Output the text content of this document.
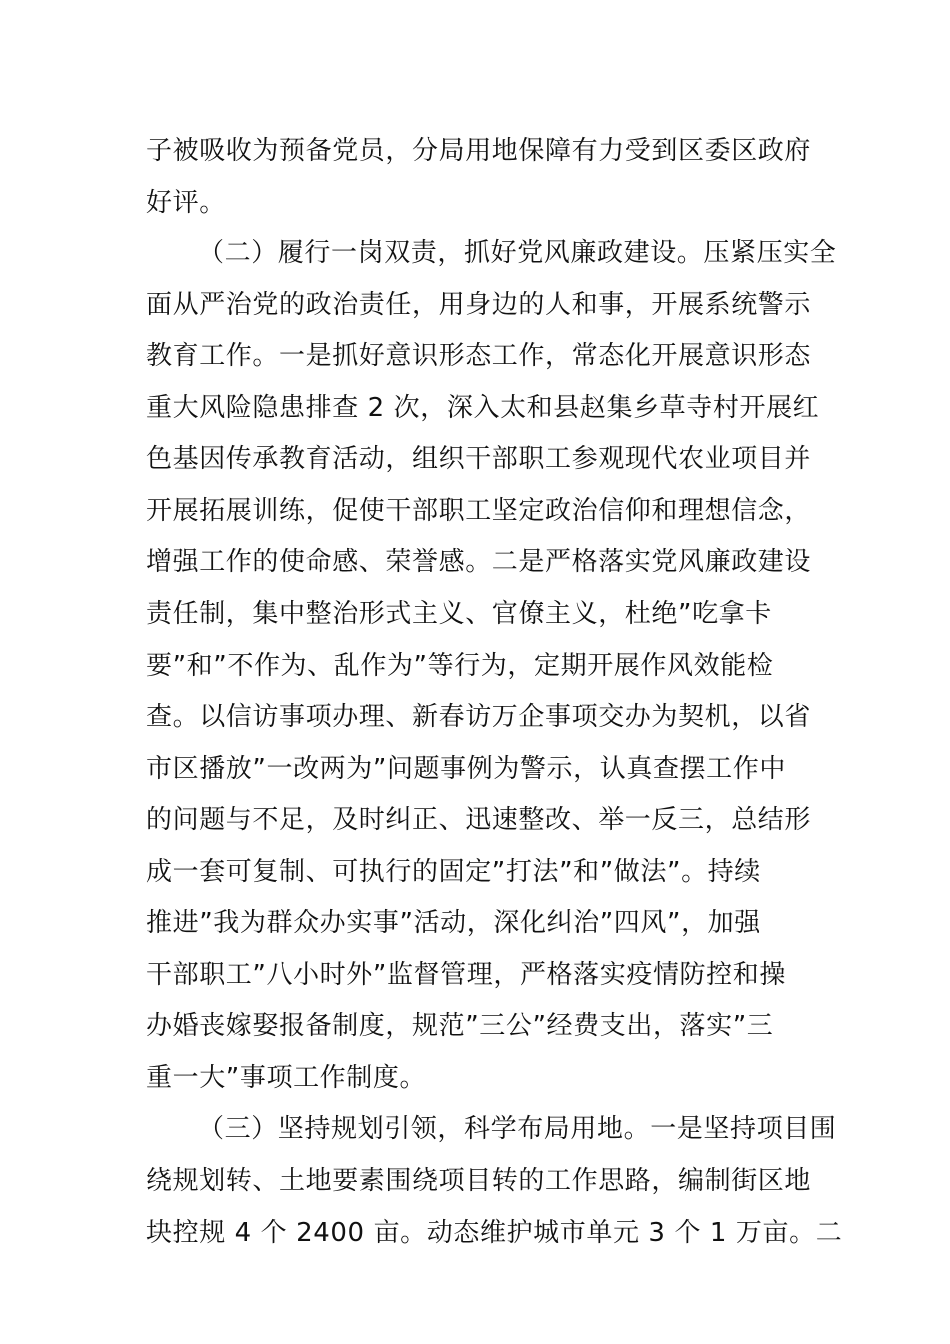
子被吸收为预备党员，分局用地保障有力受到区委区政府
好评。
（二）履行一岗双责，抓好党风廉政建设。压紧压实全
面从严治党的政治责任，用身边的人和事，开展系统警示
教育工作。一是抓好意识形态工作，常态化开展意识形态
重大风险隐患排查 2 次，深入太和县赵集乡草寺村开展红
色基因传承教育活动，组织干部职工参观现代农业项目并
开展拓展训练，促使干部职工坚定政治信仰和理想信念，
增强工作的使命感、荣誉感。二是严格落实党风廉政建设
责任制，集中整治形式主义、官僚主义，杜绝”吃拿卡
要”和”不作为、乱作为”等行为，定期开展作风效能检
查。以信访事项办理、新春访万企事项交办为契机，以省
市区播放”一改两为”问题事例为警示，认真查摆工作中
的问题与不足，及时纠正、迅速整改、举一反三，总结形
成一套可复制、可执行的固定”打法”和”做法”。持续
推进”我为群众办实事”活动，深化纠治”四风”，加强
干部职工”八小时外”监督管理，严格落实疫情防控和操
办婚丧嫁娶报备制度，规范”三公”经费支出，落实”三
重一大”事项工作制度。
（三）坚持规划引领，科学布局用地。一是坚持项目围
绕规划转、土地要素围绕项目转的工作思路，编制街区地
块控规 4 个 2400 亩。动态维护城市单元 3 个 1 万亩。二
